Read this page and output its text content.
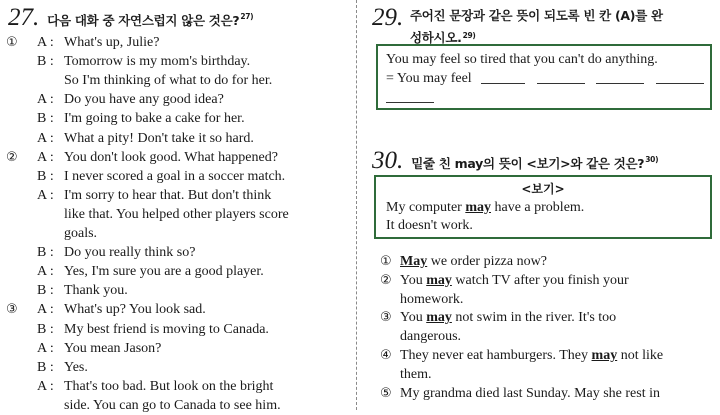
27. 다음 대화 중 자연스럽지 않은 것은?$^{27)}$
① A : What's up, Julie?
B : Tomorrow is my mom's birthday.
So I'm thinking of what to do for her.
A : Do you have any good idea?
B : I'm going to bake a cake for her.
A : What a pity! Don't take it so hard.
② A : You don't look good. What happened?
B : I never scored a goal in a soccer match.
A : I'm sorry to hear that. But don't think
like that. You helped other players score
goals.
B : Do you really think so?
A : Yes, I'm sure you are a good player.
B : Thank you.
③ A : What's up? You look sad.
B : My best friend is moving to Canada.
A : You mean Jason?
B : Yes.
A : That's too bad. But look on the bright
side. You can go to Canada to see him.
29. 주어진 문장과 같은 뜻이 되도록 빈 칸 (A)를 완
성하시오.$^{29)}$
You may feel so tired that you can't do anything.
= You may feel
30. 밑줄 친 may의 뜻이 <보기>와 같은 것은?$^{30)}$
<보기>
My computer may have a problem.
It doesn't work.
① May we order pizza now?
② You may watch TV after you finish your
homework.
③ You may not swim in the river. It's too
dangerous.
④ They never eat hamburgers. They may not like
them.
⑤ My grandma died last Sunday. May she rest in
